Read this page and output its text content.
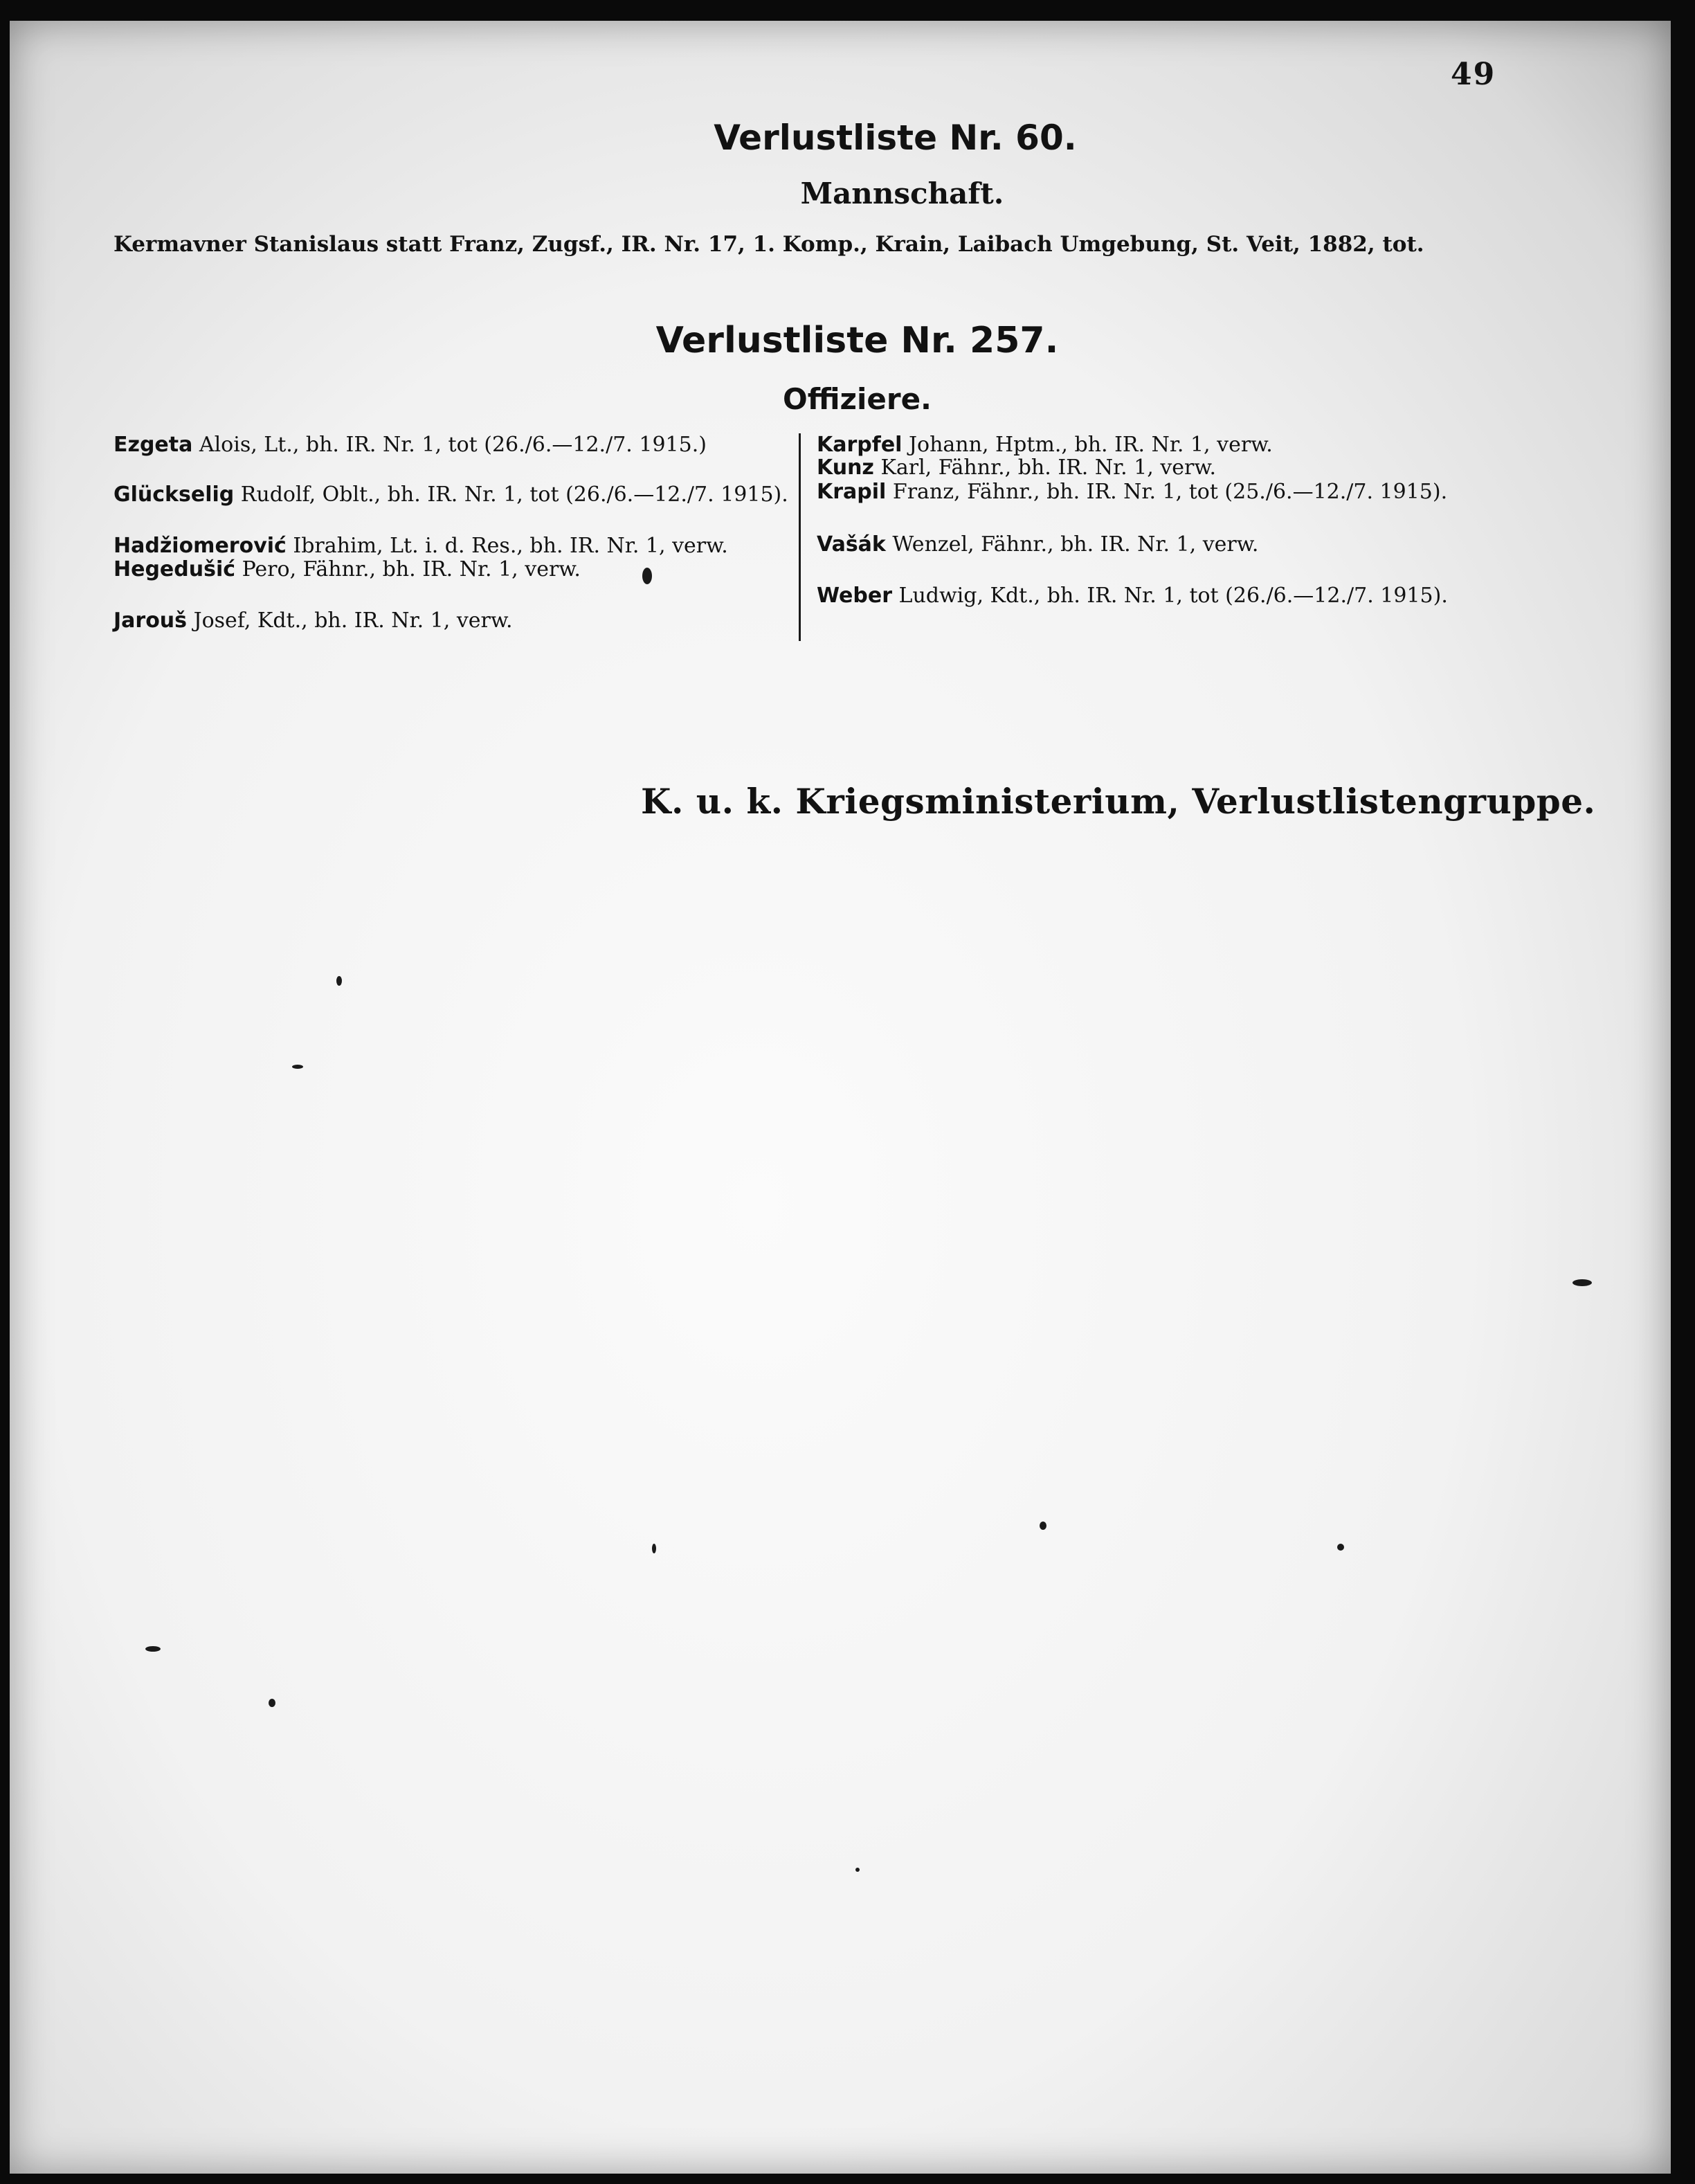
49
Verlustliste Nr. 60.
Mannschaft.
Kermavner Stanislaus statt Franz, Zugsf., IR. Nr. 17, 1. Komp., Krain, Laibach Umgebung, St. Veit, 1882, tot.
Verlustliste Nr. 257.
Offiziere.
Ezgeta Alois, Lt., bh. IR. Nr. 1, tot (26./6.—12./7. 1915.)
Glückselig Rudolf, Oblt., bh. IR. Nr. 1, tot (26./6.—12./7. 1915).
Hadžiomerović Ibrahim, Lt. i. d. Res., bh. IR. Nr. 1, verw.
Hegedušić Pero, Fähnr., bh. IR. Nr. 1, verw.
Jarouš Josef, Kdt., bh. IR. Nr. 1, verw.
Karpfel Johann, Hptm., bh. IR. Nr. 1, verw.
Kunz Karl, Fähnr., bh. IR. Nr. 1, verw.
Krapil Franz, Fähnr., bh. IR. Nr. 1, tot (25./6.—12./7. 1915).
Vašák Wenzel, Fähnr., bh. IR. Nr. 1, verw.
Weber Ludwig, Kdt., bh. IR. Nr. 1, tot (26./6.—12./7. 1915).
K. u. k. Kriegsministerium, Verlustlistengruppe.
